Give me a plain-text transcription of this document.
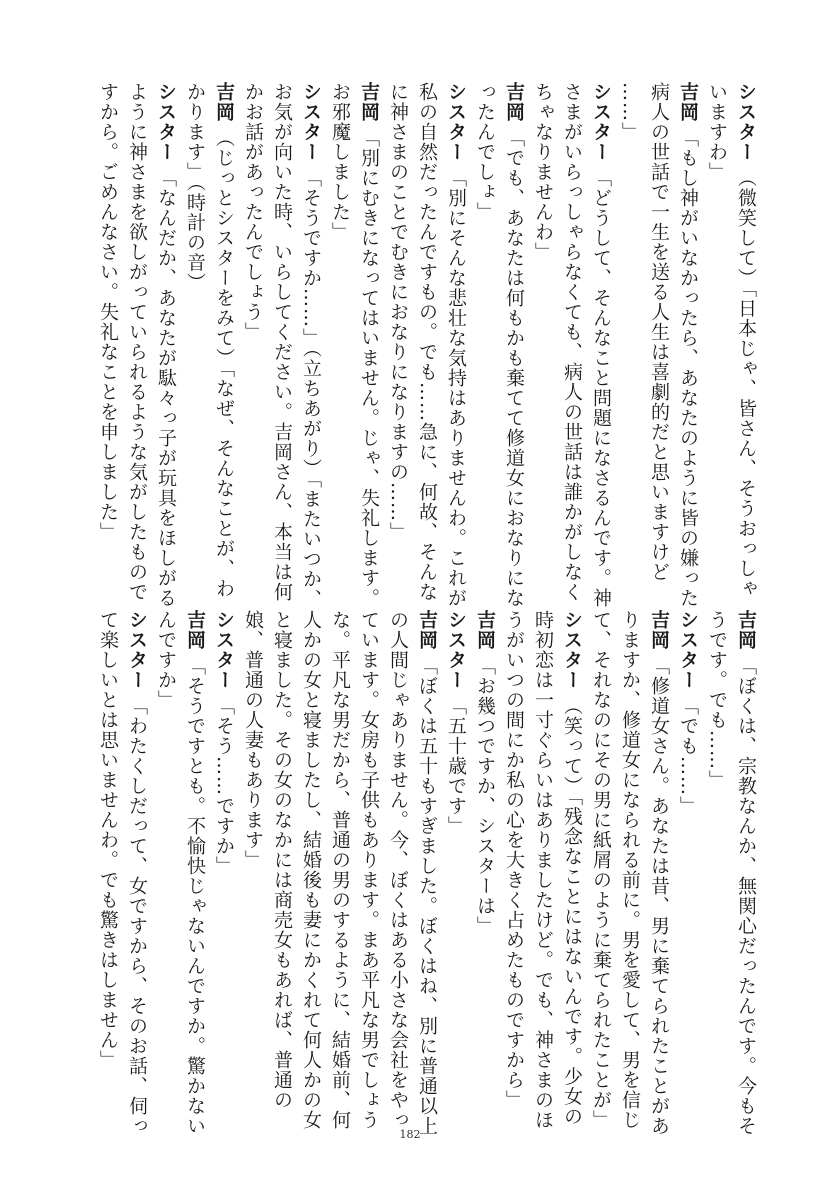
シスター（微笑して）「日本じゃ、皆さん、そうおっしゃ
いますわ」
吉岡「もし神がいなかったら、あなたのように皆の嫌った
病人の世話で一生を送る人生は喜劇的だと思いますけど
……」
シスター「どうして、そんなこと問題になさるんです。神
さまがいらっしゃらなくても、病人の世話は誰かがしなく
ちゃなりませんわ」
吉岡「でも、あなたは何もかも棄てて修道女におなりにな
ったんでしょ」
シスター「別にそんな悲壮な気持はありませんわ。これが
私の自然だったんですもの。でも……急に、何故、そんな
に神さまのことでむきにおなりになりますの……」
吉岡「別にむきになってはいません。じゃ、失礼します。
お邪魔しました」
シスター「そうですか……」（立ちあがり）「またいつか、
お気が向いた時、いらしてください。吉岡さん、本当は何
かお話があったんでしょう」
吉岡（じっとシスターをみて）「なぜ、そんなことが、わ
かります」（時計の音）
シスター「なんだか、あなたが駄々っ子が玩具をほしがる
ように神さまを欲しがっていられるような気がしたもので
すから。ごめんなさい。失礼なことを申しました」
吉岡「ぼくは、宗教なんか、無関心だったんです。今もそ
うです。でも……」
シスター「でも……」
吉岡「修道女さん。あなたは昔、男に棄てられたことがあ
りますか、修道女になられる前に。男を愛して、男を信じ
て、それなのにその男に紙屑のように棄てられたことが」
シスター（笑って）「残念なことにはないんです。少女の
時初恋は一寸ぐらいはありましたけど。でも、神さまのほ
うがいつの間にか私の心を大きく占めたものですから」
吉岡「お幾つですか、シスターは」
シスター「五十歳です」
吉岡「ぼくは五十もすぎました。ぼくはね、別に普通以上
の人間じゃありません。今、ぼくはある小さな会社をやっ
ています。女房も子供もあります。まあ平凡な男でしょう
な。平凡な男だから、普通の男のするように、結婚前、何
人かの女と寝ましたし、結婚後も妻にかくれて何人かの女
と寝ました。その女のなかには商売女もあれば、普通の
娘、普通の人妻もあります」
シスター「そう……ですか」
吉岡「そうですとも。不愉快じゃないんですか。驚かない
んですか」
シスター「わたくしだって、女ですから、そのお話、伺っ
て楽しいとは思いませんわ。でも驚きはしません」
182
